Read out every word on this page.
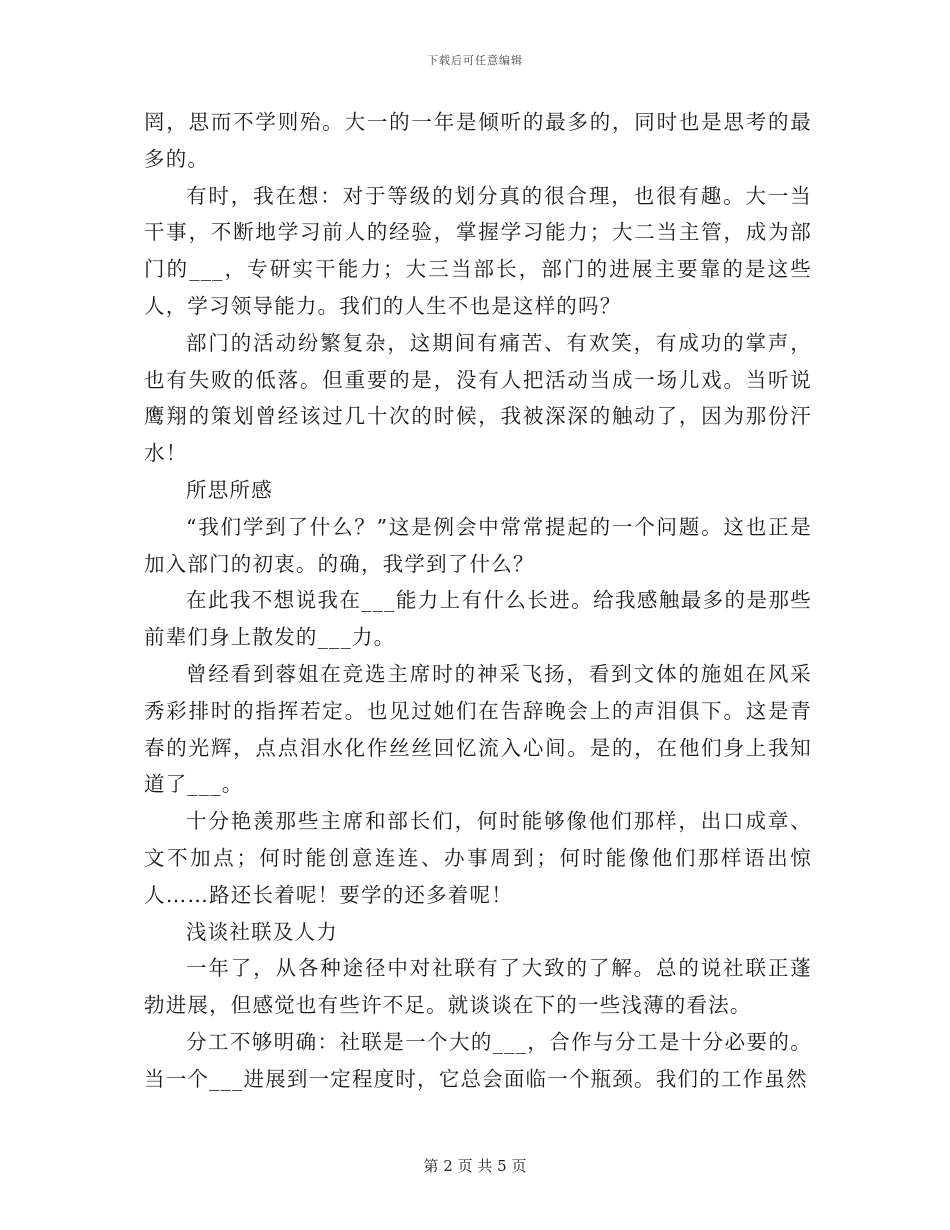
下载后可任意编辑

罔，思而不学则殆。大一的一年是倾听的最多的，同时也是思考的最多的。

有时，我在想：对于等级的划分真的很合理，也很有趣。大一当干事，不断地学习前人的经验，掌握学习能力；大二当主管，成为部门的___，专研实干能力；大三当部长，部门的进展主要靠的是这些人，学习领导能力。我们的人生不也是这样的吗？

部门的活动纷繁复杂，这期间有痛苦、有欢笑，有成功的掌声，也有失败的低落。但重要的是，没有人把活动当成一场儿戏。当听说鹰翔的策划曾经该过几十次的时候，我被深深的触动了，因为那份汗水！

所思所感

“我们学到了什么？”这是例会中常常提起的一个问题。这也正是加入部门的初衷。的确，我学到了什么？

在此我不想说我在___能力上有什么长进。给我感触最多的是那些前辈们身上散发的___力。

曾经看到蓉姐在竞选主席时的神采飞扬，看到文体的施姐在风采秀彩排时的指挥若定。也见过她们在告辞晚会上的声泪俱下。这是青春的光辉，点点泪水化作丝丝回忆流入心间。是的，在他们身上我知道了___。

十分艳羡那些主席和部长们，何时能够像他们那样，出口成章、文不加点；何时能创意连连、办事周到；何时能像他们那样语出惊人……路还长着呢！要学的还多着呢！

浅谈社联及人力

一年了，从各种途径中对社联有了大致的了解。总的说社联正蓬勃进展，但感觉也有些许不足。就谈谈在下的一些浅薄的看法。

分工不够明确：社联是一个大的___，合作与分工是十分必要的。当一个___进展到一定程度时，它总会面临一个瓶颈。我们的工作虽然

第 2 页 共 5 页
